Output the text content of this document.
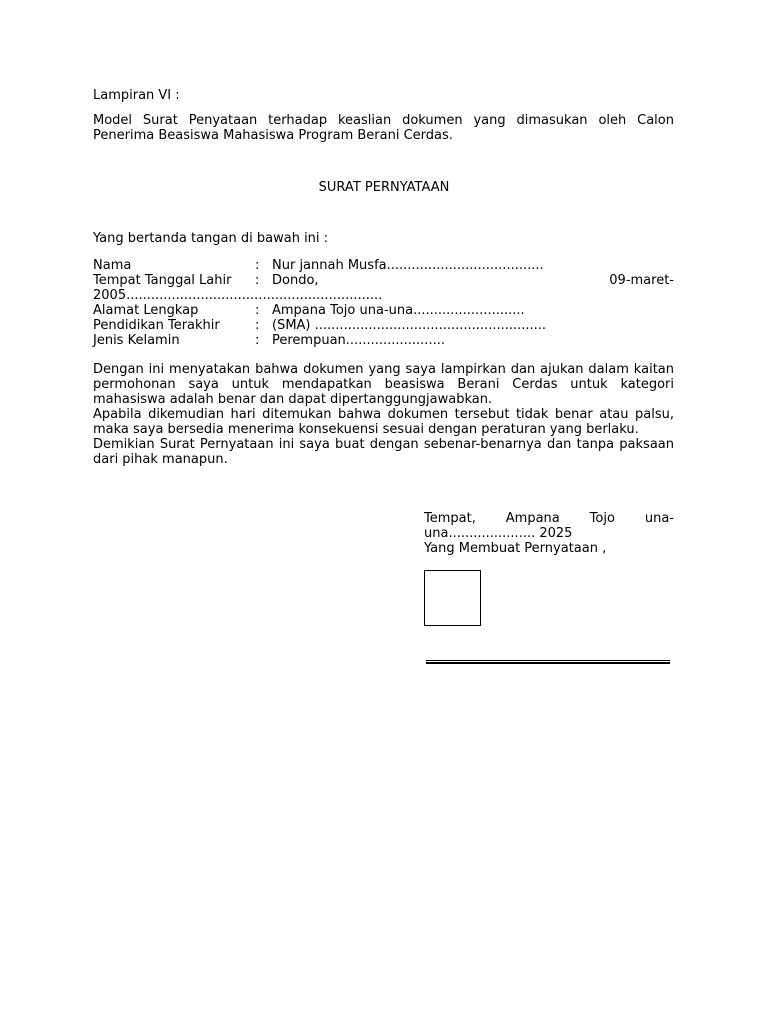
Lampiran VI :
Model Surat Penyataan terhadap keaslian dokumen yang dimasukan oleh Calon Penerima Beasiswa Mahasiswa Program Berani Cerdas.
SURAT PERNYATAAN
Yang bertanda tangan di bawah ini :
Nama	: Nur jannah Musfa......................................
Tempat Tanggal Lahir : Dondo,	09-maret-
2005..............................................................
Alamat Lengkap	: Ampana Tojo una-una...........................
Pendidikan Terakhir	: (SMA) ........................................................
Jenis Kelamin	: Perempuan........................
Dengan ini menyatakan bahwa dokumen yang saya lampirkan dan ajukan dalam kaitan permohonan saya untuk mendapatkan beasiswa Berani Cerdas untuk kategori mahasiswa adalah benar dan dapat dipertanggungjawabkan.
Apabila dikemudian hari ditemukan bahwa dokumen tersebut tidak benar atau palsu, maka saya bersedia menerima konsekuensi sesuai dengan peraturan yang berlaku.
Demikian Surat Pernyataan ini saya buat dengan sebenar-benarnya dan tanpa paksaan dari pihak manapun.
Tempat, Ampana Tojo una-una..................... 2025
Yang Membuat Pernyataan ,
